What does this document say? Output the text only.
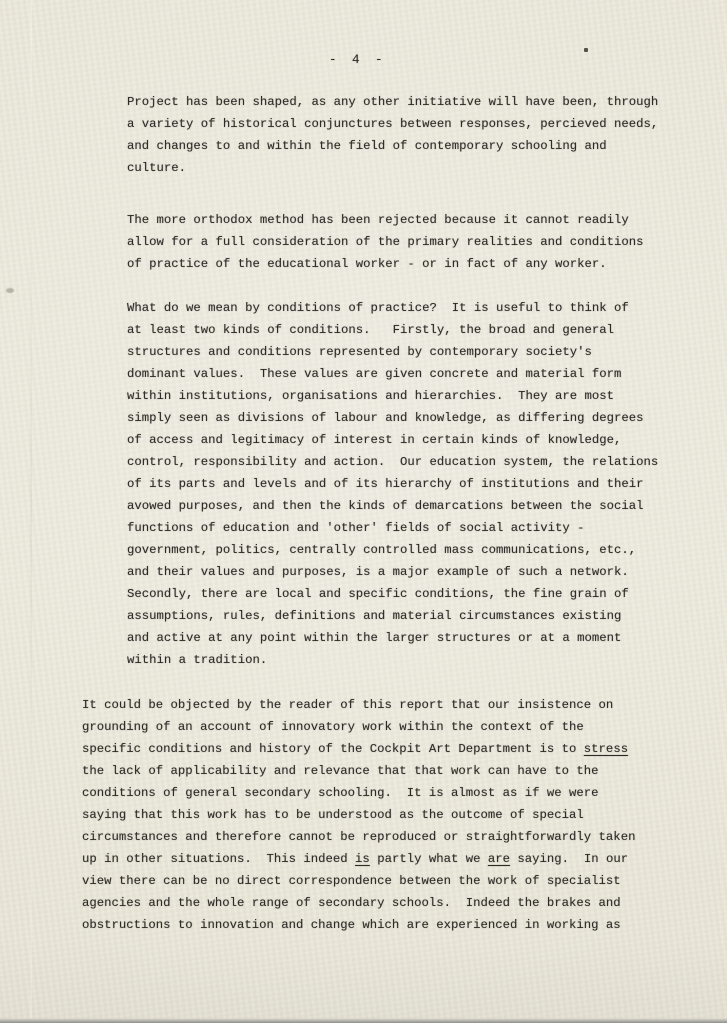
- 4 -
Project has been shaped, as any other initiative will have been, through
a variety of historical conjunctures between responses, percieved needs,
and changes to and within the field of contemporary schooling and
culture.
The more orthodox method has been rejected because it cannot readily
allow for a full consideration of the primary realities and conditions
of practice of the educational worker - or in fact of any worker.
What do we mean by conditions of practice?  It is useful to think of
at least two kinds of conditions.   Firstly, the broad and general
structures and conditions represented by contemporary society's
dominant values.  These values are given concrete and material form
within institutions, organisations and hierarchies.  They are most
simply seen as divisions of labour and knowledge, as differing degrees
of access and legitimacy of interest in certain kinds of knowledge,
control, responsibility and action.  Our education system, the relations
of its parts and levels and of its hierarchy of institutions and their
avowed purposes, and then the kinds of demarcations between the social
functions of education and 'other' fields of social activity -
government, politics, centrally controlled mass communications, etc.,
and their values and purposes, is a major example of such a network.
Secondly, there are local and specific conditions, the fine grain of
assumptions, rules, definitions and material circumstances existing
and active at any point within the larger structures or at a moment
within a tradition.
It could be objected by the reader of this report that our insistence on
grounding of an account of innovatory work within the context of the
specific conditions and history of the Cockpit Art Department is to stress
the lack of applicability and relevance that that work can have to the
conditions of general secondary schooling.  It is almost as if we were
saying that this work has to be understood as the outcome of special
circumstances and therefore cannot be reproduced or straightforwardly taken
up in other situations.  This indeed is partly what we are saying.  In our
view there can be no direct correspondence between the work of specialist
agencies and the whole range of secondary schools.  Indeed the brakes and
obstructions to innovation and change which are experienced in working as
